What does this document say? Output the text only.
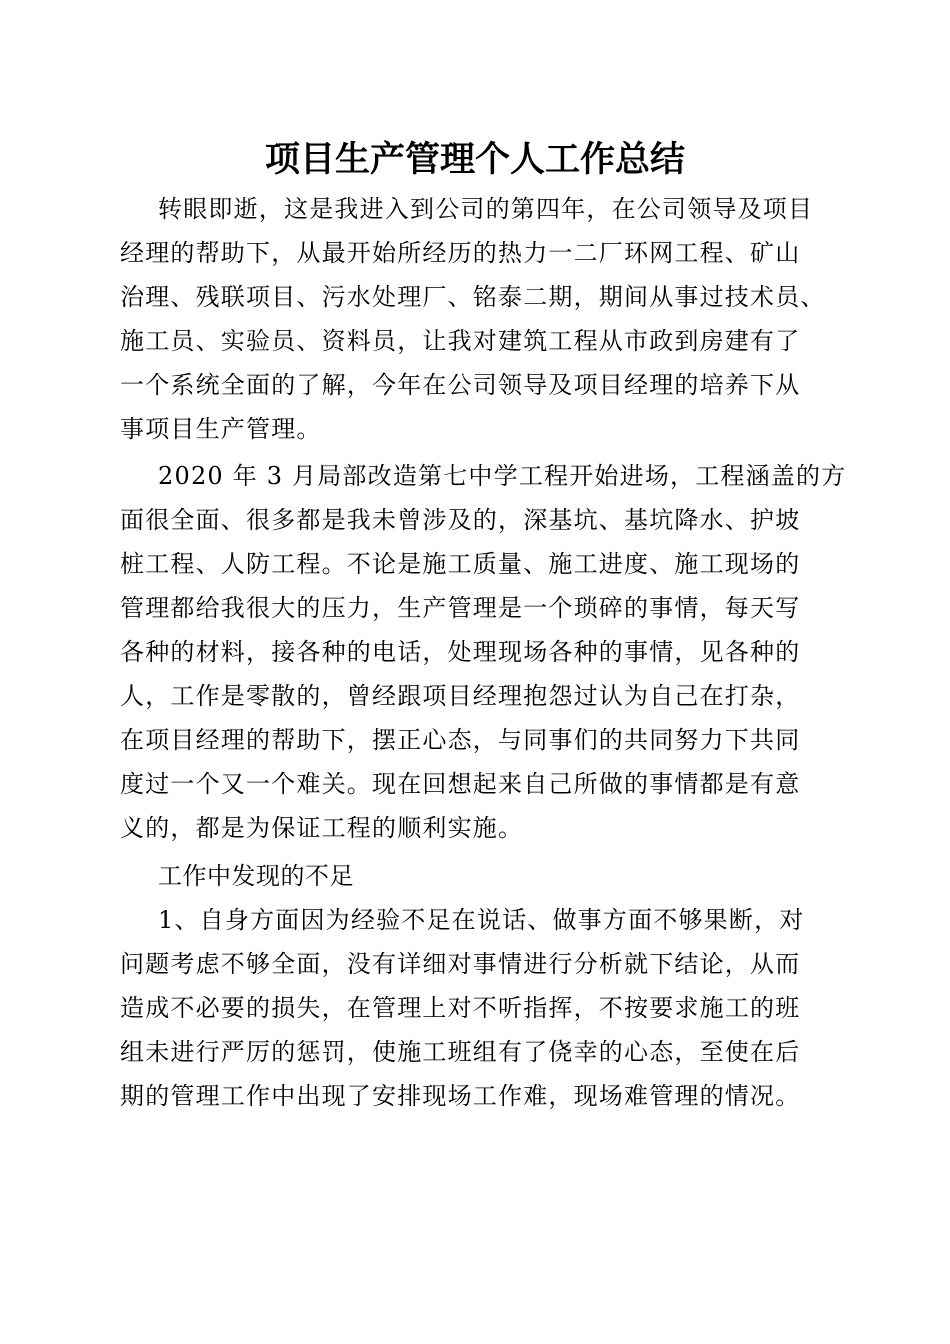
项目生产管理个人工作总结
转眼即逝，这是我进入到公司的第四年，在公司领导及项目
经理的帮助下，从最开始所经历的热力一二厂环网工程、矿山
治理、残联项目、污水处理厂、铭泰二期，期间从事过技术员、
施工员、实验员、资料员，让我对建筑工程从市政到房建有了
一个系统全面的了解，今年在公司领导及项目经理的培养下从
事项目生产管理。
2020 年 3 月局部改造第七中学工程开始进场，工程涵盖的方
面很全面、很多都是我未曾涉及的，深基坑、基坑降水、护坡
桩工程、人防工程。不论是施工质量、施工进度、施工现场的
管理都给我很大的压力，生产管理是一个琐碎的事情，每天写
各种的材料，接各种的电话，处理现场各种的事情，见各种的
人，工作是零散的，曾经跟项目经理抱怨过认为自己在打杂，
在项目经理的帮助下，摆正心态，与同事们的共同努力下共同
度过一个又一个难关。现在回想起来自己所做的事情都是有意
义的，都是为保证工程的顺利实施。
工作中发现的不足
1、自身方面因为经验不足在说话、做事方面不够果断，对
问题考虑不够全面，没有详细对事情进行分析就下结论，从而
造成不必要的损失，在管理上对不听指挥，不按要求施工的班
组未进行严厉的惩罚，使施工班组有了侥幸的心态，至使在后
期的管理工作中出现了安排现场工作难，现场难管理的情况。
